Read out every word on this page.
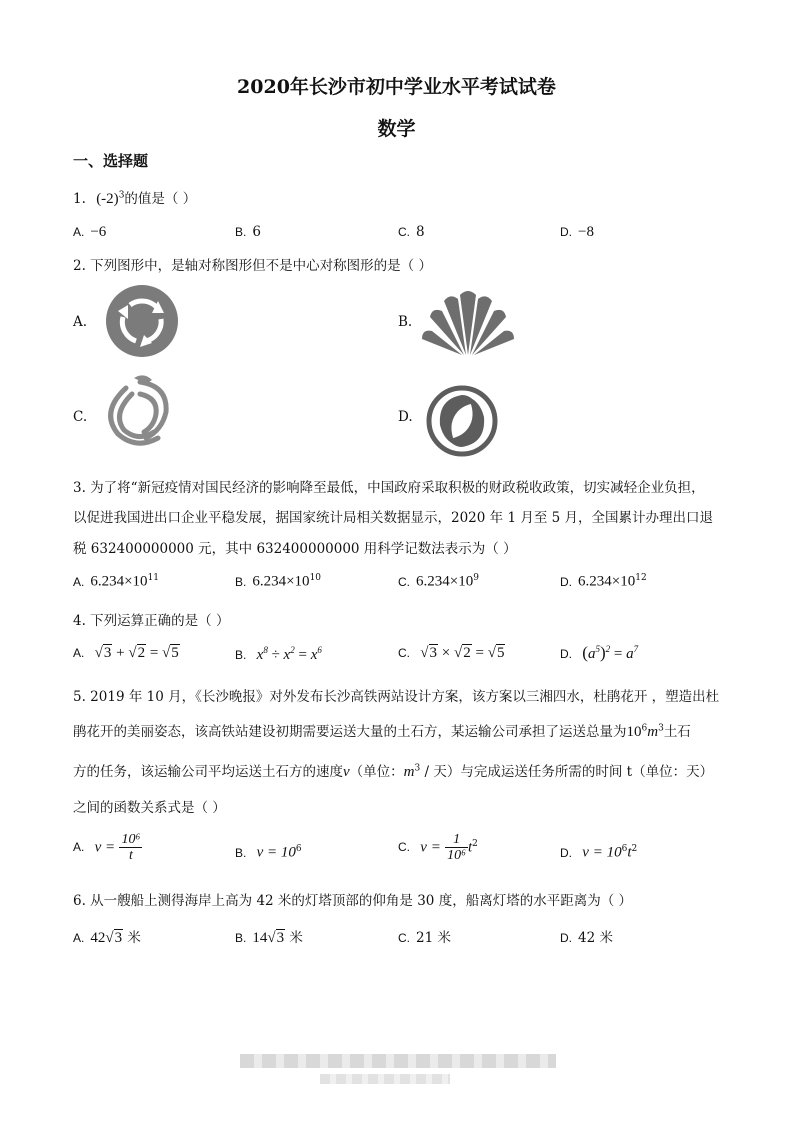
2020年长沙市初中学业水平考试试卷
数学
一、选择题
1. $(-2)^3$的值是（ ）
A. −6	B. 6	C. 8	D. −8
2. 下列图形中，是轴对称图形但不是中心对称图形的是（ ）
A.	B.
C.	D.
3. 为了将“新冠疫情对国民经济的影响降至最低，中国政府采取积极的财政税收政策，切实减轻企业负担，
以促进我国进出口企业平稳发展，据国家统计局相关数据显示，2020 年 1 月至 5 月，全国累计办理出口退
税 632400000000 元，其中 632400000000 用科学记数法表示为（ ）
A. $6.234\times 10^{11}$	B. $6.234\times 10^{10}$	C. $6.234\times 10^9$	D. $6.234\times 10^{12}$
4. 下列运算正确的是（ ）
A. √3 + √2 = √5	B. $x^8 \div x^2 = x^6$	C. √3 × √2 = √5	D. $(a^5)^2 = a^7$
5. 2019 年 10 月，《长沙晚报》对外发布长沙高铁两站设计方案，该方案以三湘四水，杜鹃花开 ，塑造出杜
鹃花开的美丽姿态，该高铁站建设初期需要运送大量的土石方，某运输公司承担了运送总量为$10^6m^3$土石
方的任务，该运输公司平均运送土石方的速度v（单位：$m^3$ / 天）与完成运送任务所需的时间 t（单位：天）
之间的函数关系式是（ ）
A. $v = \frac{\text{10⁶}}{t}$	B. $v = 10^6$	C. $v = \frac{1}{\text{10⁶}} t^2$
D. $v = 10^6t^2$
6. 从一艘船上测得海岸上高为 42 米的灯塔顶部的仰角是 30 度，船离灯塔的水平距离为（ ）
A. 42√3 米	B. 14√3 米	C. 21 米	D. 42 米
